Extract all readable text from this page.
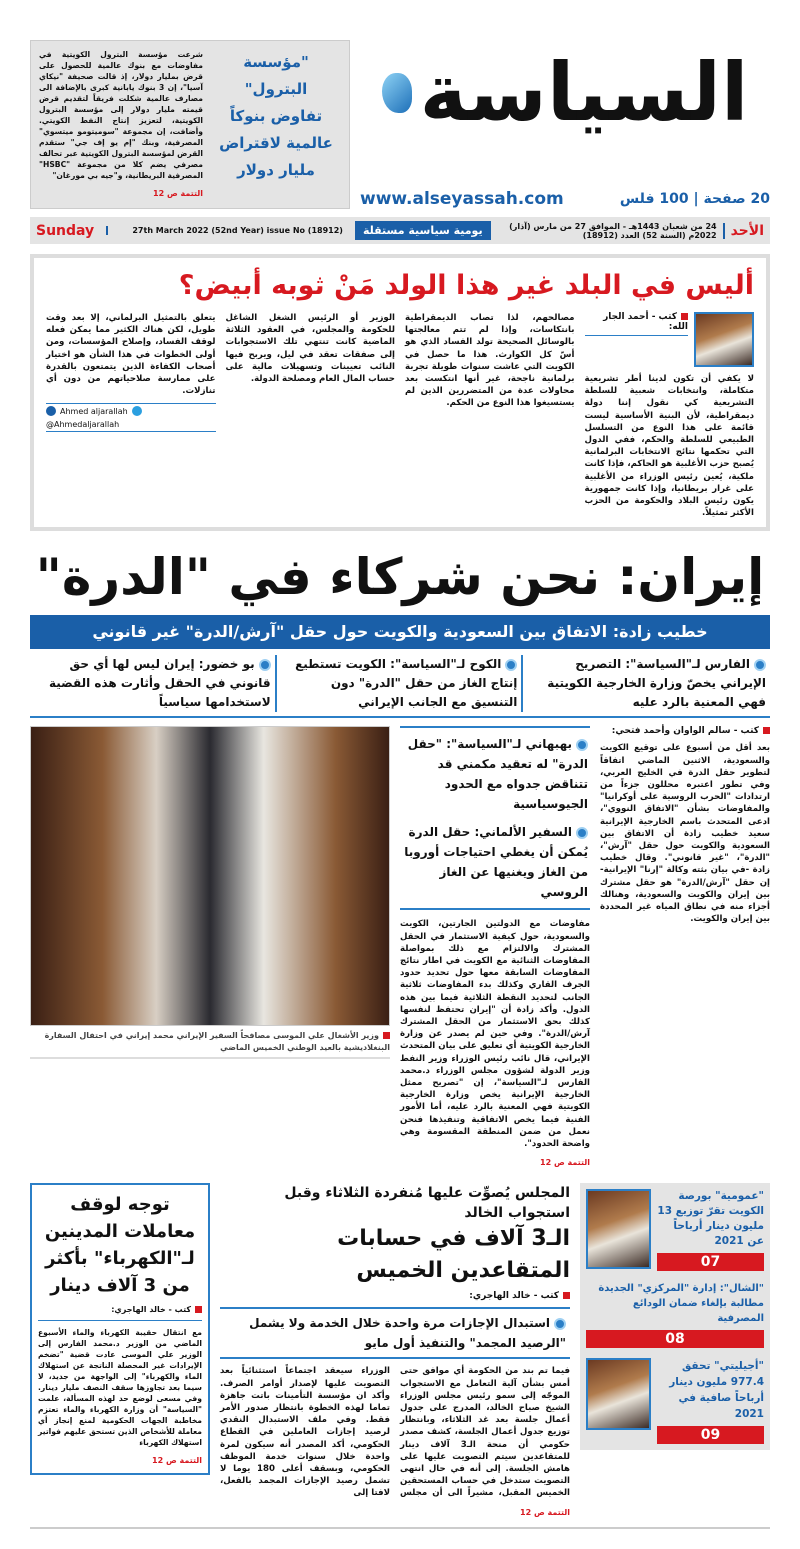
السياسة
20 صفحة | 100 فلس
www.alseyassah.com
"مؤسسة البترول"
تفاوض بنوكاً
عالمية لاقتراض
مليار دولار
شرعت مؤسسة البترول الكويتية في مفاوضات مع بنوك عالمية للحصول على قرض بمليار دولار، إذ قالت صحيفة "نيكاي آسيا"، إن 3 بنوك يابانية كبرى بالإضافة الى مصارف عالمية شكلت فريقاً لتقديم قرض قيمته مليار دولار إلى مؤسسة البترول الكويتية، لتعزيز إنتاج النفط الكويتي. وأضافت، إن مجموعة "سوميتومو ميتسوي" المصرفية، وبنك "إم يو إف جي" ستقدم القرض لمؤسسة البترول الكويتية عبر تحالف مصرفي يضم كلا من مجموعة "HSBC" المصرفية البريطانية، و"جيه بي مورغان"
التتمة ص 12
الأحد
24 من شعبان 1443هـ - الموافق 27 من مارس (آذار) 2022م (السنة 52) العدد (18912)
يومية سياسية مستقلة
27th March 2022 (52nd Year) issue No (18912)
Sunday
أليس في البلد غير هذا الولد مَنْ ثوبه أبيض؟
كتب - أحمد الجار الله:
لا يكفي أن تكون لدينا أطر تشريعية متكاملة، وانتخابات شعبية للسلطة التشريعية كي نقول إننا دولة ديمقراطية، لأن البنية الأساسية ليست قائمة على هذا النوع من التسلسل الطبيعي للسلطة والحكم، ففي الدول التي تحكمها نتائج الانتخابات البرلمانية يُصبح حزب الأغلبية هو الحاكم، فإذا كانت ملكية، يُعين رئيس الوزراء من الأغلبية على غرار بريطانيا، وإذا كانت جمهورية يكون رئيس البلاد والحكومة من الحزب الأكثر تمثيلاً.
مصالحهم، لذا تصاب الديمقراطية بانتكاسات، وإذا لم تتم معالجتها بالوسائل الصحيحة تولد الفساد الذي هو أسّ كل الكوارث. هذا ما حصل في الكويت التي عاشت سنوات طويلة تجربة برلمانية ناجحة، غير أنها انتكست بعد محاولات عدة من المتضررين الذين لم يستسيغوا هذا النوع من الحكم.
الوزير أو الرئيس الشغل الشاغل للحكومة والمجلس، في العقود الثلاثة الماضية كانت تنتهي تلك الاستجوابات إلى صفقات تعقد في ليل، ويربح فيها النائب تعيينات وتسهيلات مالية على حساب المال العام ومصلحة الدولة.
يتعلق بالتمثيل البرلماني، إلا بعد وقت طويل، لكن هناك الكثير مما يمكن فعله لوقف الفساد، وإصلاح المؤسسات، ومن أولى الخطوات في هذا الشأن هو اختيار أصحاب الكفاءة الذين يتمتعون بالقدرة على ممارسة صلاحياتهم من دون أي تنازلات.
Ahmed aljarallah
@Ahmedaljarallah
إيران: نحن شركاء في "الدرة"
خطيب زادة: الاتفاق بين السعودية والكويت حول حقل "آرش/الدرة" غير قانوني
الفارس لـ"السياسة": التصريح الإيراني يخصّ وزارة الخارجية الكويتية فهي المعنية بالرد عليه
الكوح لـ"السياسة": الكويت تستطيع إنتاج الغاز من حقل "الدرة" دون التنسيق مع الجانب الإيراني
بو خضور: إيران ليس لها أي حق قانوني في الحقل وأثارت هذه القضية لاستخدامها سياسياً
كتب - سالم الواوان وأحمد فتحي:
بعد أقل من أسبوع على توقيع الكويت والسعودية، الاثنين الماضي اتفاقاً لتطوير حقل الدرة في الخليج العربي، وفي تطور اعتبره محللون جزءاً من ارتدادات "الحرب الروسية على أوكرانيا" والمفاوضات بشأن "الاتفاق النووي"، ادعى المتحدث باسم الخارجية الإيرانية سعيد خطيب زادة أن الاتفاق بين السعودية والكويت حول حقل "آرش"، "الدرة"، "غير قانوني". وقال خطيب زادة -في بيان بثته وكالة "إرنا" الإيرانية- إن حقل "آرش/الدرة" هو حقل مشترك بين إيران والكويت والسعودية، وهنالك أجزاء منه في نطاق المياه غير المحددة بين إيران والكويت.
بهبهاني لـ"السياسة": "حقل الدرة" له تعقيد مكمني قد تتناقض جدواه مع الحدود الجيوسياسية
السفير الألماني: حقل الدرة يُمكن أن يغطي احتياجات أوروبا من الغاز ويغنيها عن الغاز الروسي
مفاوضات مع الدولتين الجارتين، الكويت والسعودية، حول كيفية الاستثمار في الحقل المشترك والالتزام مع ذلك بمواصلة المفاوضات الثنائية مع الكويت في اطار نتائج المفاوضات السابقة معها حول تحديد حدود الجرف القاري وكذلك بدء المفاوضات ثلاثية الجانب لتحديد النقطة الثلاثية فيما بين هذه الدول. وأكد زادة أن "إيران تحتفظ لنفسها كذلك بحق الاستثمار من الحقل المشترك آرش/الدرة". وفي حين لم يصدر عن وزارة الخارجية الكويتية أي تعليق على بيان المتحدث الإيراني، قال نائب رئيس الوزراء وزير النفط وزير الدولة لشؤون مجلس الوزراء د.محمد الفارس لـ"السياسة"، إن "تصريح ممثل الخارجية الإيرانية يخص وزارة الخارجية الكويتية فهي المعنية بالرد عليه، أما الأمور الفنية فيما يخص الاتفاقية وتنفيذها فنحن نعمل من ضمن المنطقة المقسومة وهي واضحة الحدود".
التتمة ص 12
وزير الأشغال علي الموسى مصافحاً السفير الإيراني محمد إيراني في احتفال السفارة البنغلاديشية بالعيد الوطني الخميس الماضي
"عمومية" بورصة الكويت تقرّ توزيع 13 مليون دينار أرباحاً عن 2021
07
"الشال": إدارة "المركزي" الجديدة مطالبة بإلغاء ضمان الودائع المصرفية
08
"أجيليتي" تحقق 977.4 مليون دينار أرباحاً صافية في 2021
09
المجلس يُصوِّت عليها مُنفردة الثلاثاء وقبل استجواب الخالد
الـ3 آلاف في حسابات المتقاعدين الخميس
كتب - خالد الهاجري:
استبدال الإجازات مرة واحدة خلال الخدمة ولا يشمل "الرصيد المجمد" والتنفيذ أول مايو
فيما تم بند من الحكومة أي موافق حتى أمس بشأن آلية التعامل مع الاستجواب الموجّه إلى سمو رئيس مجلس الوزراء الشيخ صباح الخالد، المدرج على جدول أعمال جلسة بعد غد الثلاثاء، وبانتظار توزيع جدول أعمال الجلسة، كشف مصدر حكومي أن منحة الـ3 آلاف دينار للمتقاعدين سيتم التصويت عليها على هامش الجلسة. إلى أنه في حال انتهى التصويت ستدخل في حساب المستحقين الخميس المقبل، مشيراً الى أن مجلس الوزراء سيعقد اجتماعاً استثنائياً بعد التصويت عليها لإصدار أوامر الصرف. وأكد ان مؤسسة التأمينات باتت جاهزة تماما لهذه الخطوة بانتظار صدور الأمر فقط. وفي ملف الاستبدال النقدي لرصيد إجازات العاملين في القطاع الحكومي، أكد المصدر أنه سيكون لمرة واحدة خلال سنوات خدمة الموظف الحكومي، وبسقف أعلى 180 يوما لا تشمل رصيد الإجازات المجمد بالفعل، لافتا إلى
التتمة ص 12
توجه لوقف معاملات المدينين لـ"الكهرباء" بأكثر من 3 آلاف دينار
كتب - خالد الهاجري:
مع انتقال حقيبة الكهرباء والماء الأسبوع الماضي من الوزير د.محمد الفارس إلى الوزير علي الموسى عادت قضية "تضخم الإيرادات غير المحصلة الناتجة عن استهلاك الماء والكهرباء" إلى الواجهة من جديد، لا سيما بعد تجاوزها سقف النصف مليار دينار. وفي مسعى لوضع حد لهذه المسألة، علمت "السياسة" أن وزارة الكهرباء والماء تعتزم مخاطبة الجهات الحكومية لمنع إنجاز أي معاملة للأشخاص الذين تستحق عليهم فواتير استهلاك الكهرباء
التتمة ص 12
